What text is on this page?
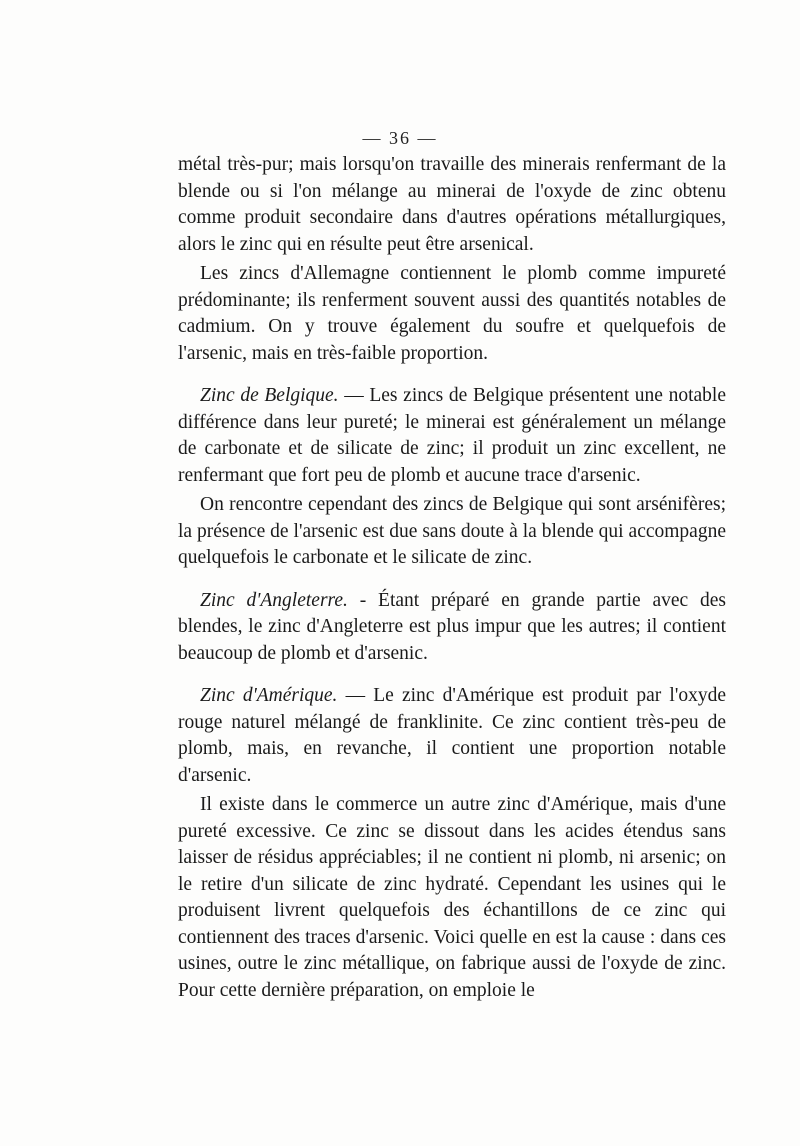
— 36 —

métal très-pur; mais lorsqu'on travaille des minerais renfermant de la blende ou si l'on mélange au minerai de l'oxyde de zinc obtenu comme produit secondaire dans d'autres opérations métallurgiques, alors le zinc qui en résulte peut être arsenical.

Les zincs d'Allemagne contiennent le plomb comme impureté prédominante; ils renferment souvent aussi des quantités notables de cadmium. On y trouve également du soufre et quelquefois de l'arsenic, mais en très-faible proportion.

Zinc de Belgique. — Les zincs de Belgique présentent une notable différence dans leur pureté; le minerai est généralement un mélange de carbonate et de silicate de zinc; il produit un zinc excellent, ne renfermant que fort peu de plomb et aucune trace d'arsenic.

On rencontre cependant des zincs de Belgique qui sont arsénifères; la présence de l'arsenic est due sans doute à la blende qui accompagne quelquefois le carbonate et le silicate de zinc.

Zinc d'Angleterre. - Étant préparé en grande partie avec des blendes, le zinc d'Angleterre est plus impur que les autres; il contient beaucoup de plomb et d'arsenic.

Zinc d'Amérique. — Le zinc d'Amérique est produit par l'oxyde rouge naturel mélangé de franklinite. Ce zinc contient très-peu de plomb, mais, en revanche, il contient une proportion notable d'arsenic.

Il existe dans le commerce un autre zinc d'Amérique, mais d'une pureté excessive. Ce zinc se dissout dans les acides étendus sans laisser de résidus appréciables; il ne contient ni plomb, ni arsenic; on le retire d'un silicate de zinc hydraté. Cependant les usines qui le produisent livrent quelquefois des échantillons de ce zinc qui contiennent des traces d'arsenic. Voici quelle en est la cause : dans ces usines, outre le zinc métallique, on fabrique aussi de l'oxyde de zinc. Pour cette dernière préparation, on emploie le
